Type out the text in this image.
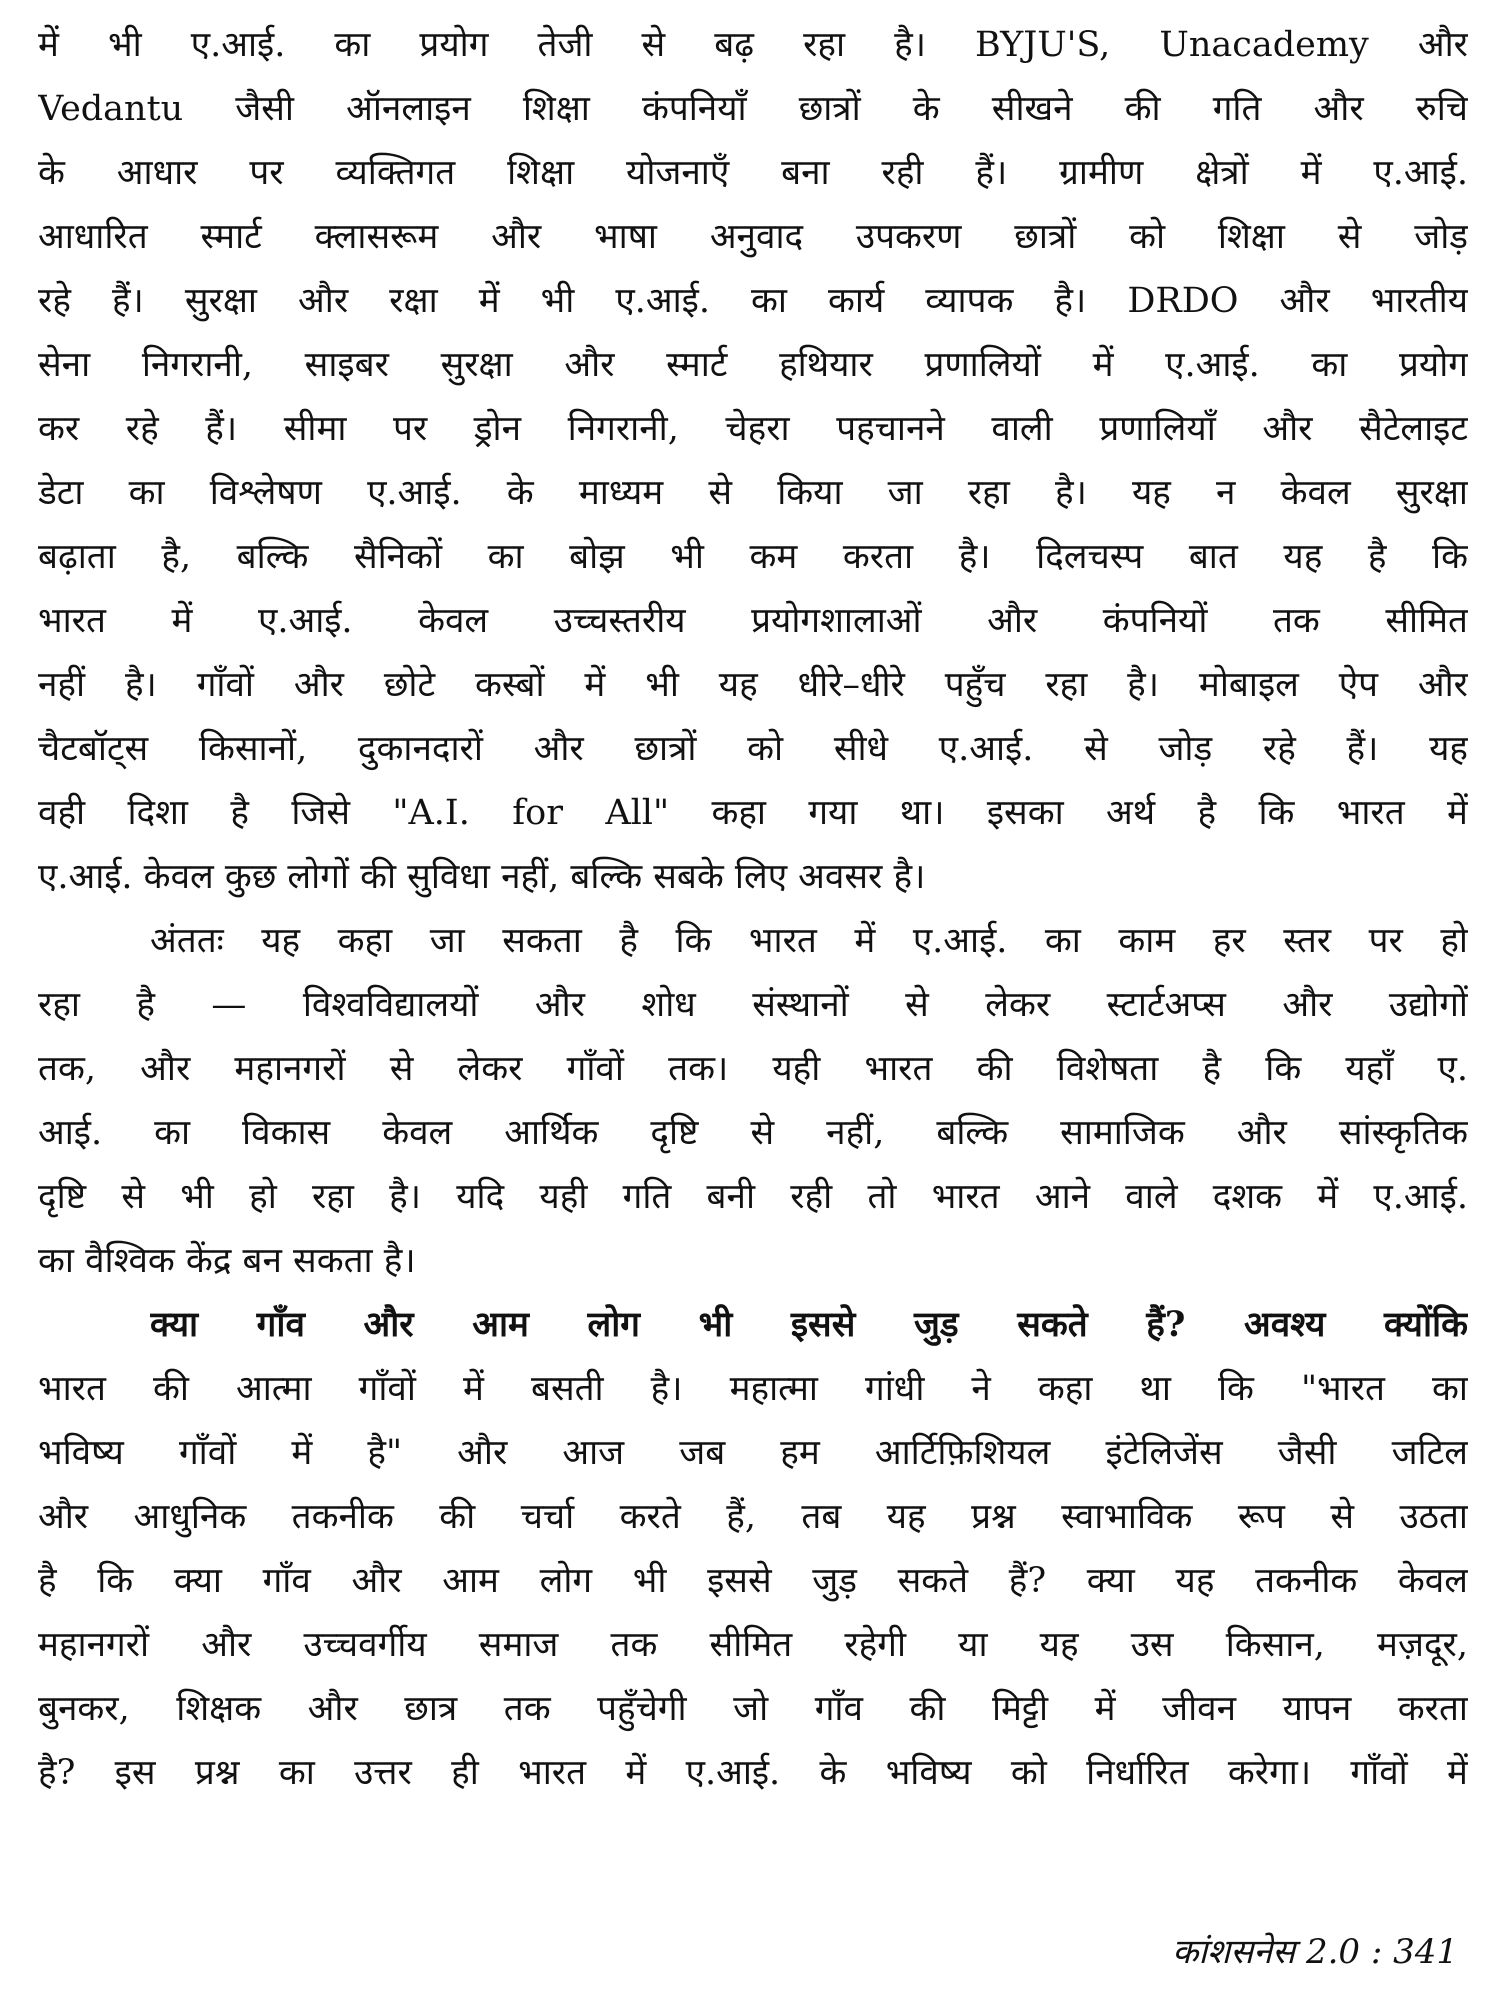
में भी ए.आई. का प्रयोग तेजी से बढ़ रहा है। BYJU'S, Unacademy और
Vedantu जैसी ऑनलाइन शिक्षा कंपनियाँ छात्रों के सीखने की गति और रुचि
के आधार पर व्यक्तिगत शिक्षा योजनाएँ बना रही हैं। ग्रामीण क्षेत्रों में ए.आई.
आधारित स्मार्ट क्लासरूम और भाषा अनुवाद उपकरण छात्रों को शिक्षा से जोड़
रहे हैं। सुरक्षा और रक्षा में भी ए.आई. का कार्य व्यापक है। DRDO और भारतीय
सेना निगरानी, साइबर सुरक्षा और स्मार्ट हथियार प्रणालियों में ए.आई. का प्रयोग
कर रहे हैं। सीमा पर ड्रोन निगरानी, चेहरा पहचानने वाली प्रणालियाँ और सैटेलाइट
डेटा का विश्लेषण ए.आई. के माध्यम से किया जा रहा है। यह न केवल सुरक्षा
बढ़ाता है, बल्कि सैनिकों का बोझ भी कम करता है। दिलचस्प बात यह है कि
भारत में ए.आई. केवल उच्चस्तरीय प्रयोगशालाओं और कंपनियों तक सीमित
नहीं है। गाँवों और छोटे कस्बों में भी यह धीरे–धीरे पहुँच रहा है। मोबाइल ऐप और
चैटबॉट्स किसानों, दुकानदारों और छात्रों को सीधे ए.आई. से जोड़ रहे हैं। यह
वही दिशा है जिसे "A.I. for All" कहा गया था। इसका अर्थ है कि भारत में
ए.आई. केवल कुछ लोगों की सुविधा नहीं, बल्कि सबके लिए अवसर है।
अंततः यह कहा जा सकता है कि भारत में ए.आई. का काम हर स्तर पर हो
रहा है — विश्वविद्यालयों और शोध संस्थानों से लेकर स्टार्टअप्स और उद्योगों
तक, और महानगरों से लेकर गाँवों तक। यही भारत की विशेषता है कि यहाँ ए.
आई. का विकास केवल आर्थिक दृष्टि से नहीं, बल्कि सामाजिक और सांस्कृतिक
दृष्टि से भी हो रहा है। यदि यही गति बनी रही तो भारत आने वाले दशक में ए.आई.
का वैश्विक केंद्र बन सकता है।
क्या गाँव और आम लोग भी इससे जुड़ सकते हैं? अवश्य क्योंकि
भारत की आत्मा गाँवों में बसती है। महात्मा गांधी ने कहा था कि "भारत का
भविष्य गाँवों में है" और आज जब हम आर्टिफ़िशियल इंटेलिजेंस जैसी जटिल
और आधुनिक तकनीक की चर्चा करते हैं, तब यह प्रश्न स्वाभाविक रूप से उठता
है कि क्या गाँव और आम लोग भी इससे जुड़ सकते हैं? क्या यह तकनीक केवल
महानगरों और उच्चवर्गीय समाज तक सीमित रहेगी या यह उस किसान, मज़दूर,
बुनकर, शिक्षक और छात्र तक पहुँचेगी जो गाँव की मिट्टी में जीवन यापन करता
है? इस प्रश्न का उत्तर ही भारत में ए.आई. के भविष्य को निर्धारित करेगा। गाँवों में
कांशसनेस 2.0 : 341
